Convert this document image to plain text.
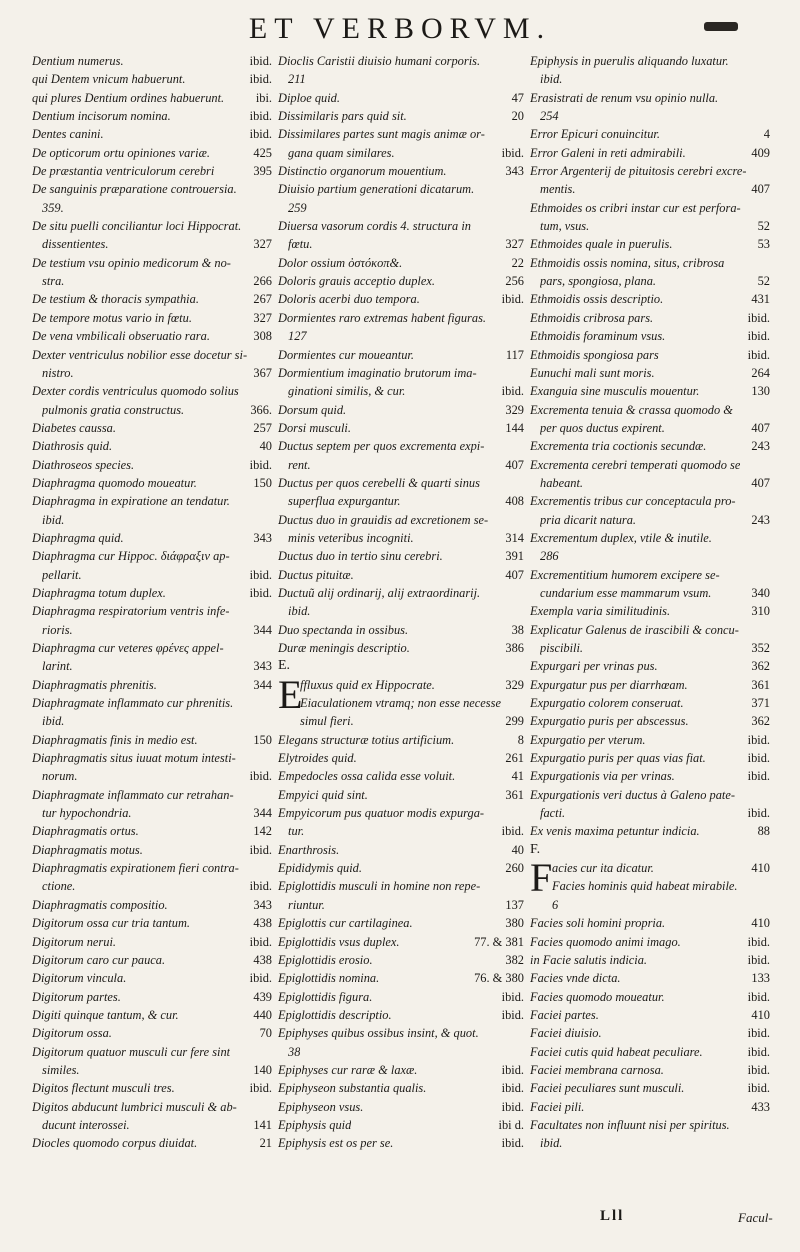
ET VERBORVM.
Dentium numerus.	ibid.
qui Dentem vnicum habuerunt.	ibid.
qui plures Dentium ordines habuerunt.	ibi.
Dentium incisorum nomina.	ibid.
Dentes canini.	ibid.
De opticorum ortu opiniones variæ.	425
De præstantia ventriculorum cerebri	395
De sanguinis præparatione controuersia.
359.
De situ puelli conciliantur loci Hippocrat.
dissentientes.	327
De testium vsu opinio medicorum & no-
stra.	266
De testium & thoracis sympathia.	267
De tempore motus vario in fœtu.	327
De vena vmbilicali obseruatio rara.	308
Dexter ventriculus nobilior esse docetur si-
nistro.	367
Dexter cordis ventriculus quomodo solius
pulmonis gratia constructus.	366.
Diabetes caussa.	257
Diathrosis quid.	40
Diathroseos species.	ibid.
Diaphragma quomodo moueatur.	150
Diaphragma in expiratione an tendatur.
ibid.
Diaphragma quid.	343
Diaphragma cur Hippoc. διάφραξιν ap-
pellarit.	ibid.
Diaphragma totum duplex.	ibid.
Diaphragma respiratorium ventris infe-
rioris.	344
Diaphragma cur veteres φρένες appel-
larint.	343
Diaphragmatis phrenitis.	344
Diaphragmate inflammato cur phrenitis.
ibid.
Diaphragmatis finis in medio est.	150
Diaphragmatis situs iuuat motum intesti-
norum.	ibid.
Diaphragmate inflammato cur retrahan-
tur hypochondria.	344
Diaphragmatis ortus.	142
Diaphragmatis motus.	ibid.
Diaphragmatis expirationem fieri contra-
ctione.	ibid.
Diaphragmatis compositio.	343
Digitorum ossa cur tria tantum.	438
Digitorum nerui.	ibid.
Digitorum caro cur pauca.	438
Digitorum vincula.	ibid.
Digitorum partes.	439
Digiti quinque tantum, & cur.	440
Digitorum ossa.	70
Digitorum quatuor musculi cur fere sint
similes.	140
Digitos flectunt musculi tres.	ibid.
Digitos abducunt lumbrici musculi & ab-
ducunt interossei.	141
Diocles quomodo corpus diuidat.	21
Dioclis Caristii diuisio humani corporis.
211
Diploe quid.	47
Dissimilaris pars quid sit.	20
Dissimilares partes sunt magis animæ or-
gana quam similares.	ibid.
Distinctio organorum mouentium.	343
Diuisio partium generationi dicatarum.
259
Diuersa vasorum cordis 4. structura in
fœtu.	327
Dolor ossium ὀστόκοπ&.	22
Doloris grauis acceptio duplex.	256
Doloris acerbi duo tempora.	ibid.
Dormientes raro extremas habent figuras.
127
Dormientes cur moueantur.	117
Dormientium imaginatio brutorum ima-
ginationi similis, & cur.	ibid.
Dorsum quid.	329
Dorsi musculi.	144
Ductus septem per quos excrementa expi-
rent.	407
Ductus per quos cerebelli & quarti sinus
superflua expurgantur.	408
Ductus duo in grauidis ad excretionem se-
minis veteribus incogniti.	314
Ductus duo in tertio sinu cerebri.	391
Ductus pituitæ.	407
Ductuũ alij ordinarij, alij extraordinarij.
ibid.
Duo spectanda in ossibus.	38
Duræ meningis descriptio.	386
E.
E
ffluxus quid ex Hippocrate.	329
Eiaculationem vtramq; non esse necesse
simul fieri.	299
Elegans structuræ totius artificium.	8
Elytroides quid.	261
Empedocles ossa calida esse voluit.	41
Empyici quid sint.	361
Empyicorum pus quatuor modis expurga-
tur.	ibid.
Enarthrosis.	40
Epididymis quid.	260
Epiglottidis musculi in homine non repe-
riuntur.	137
Epiglottis cur cartilaginea.	380
Epiglottidis vsus duplex.	77. & 381
Epiglottidis erosio.	382
Epiglottidis nomina.	76. & 380
Epiglottidis figura.	ibid.
Epiglottidis descriptio.	ibid.
Epiphyses quibus ossibus insint, & quot.
38
Epiphyses cur raræ & laxæ.	ibid.
Epiphyseon substantia qualis.	ibid.
Epiphyseon vsus.	ibid.
Epiphysis quid	ibi d.
Epiphysis est os per se.	ibid.
Epiphysis in puerulis aliquando luxatur.
ibid.
Erasistrati de renum vsu opinio nulla.
254
Error Epicuri conuincitur.	4
Error Galeni in reti admirabili.	409
Error Argenterij de pituitosis cerebri excre-
mentis.	407
Ethmoides os cribri instar cur est perfora-
tum, vsus.	52
Ethmoides quale in puerulis.	53
Ethmoidis ossis nomina, situs, cribrosa
pars, spongiosa, plana.	52
Ethmoidis ossis descriptio.	431
Ethmoidis cribrosa pars.	ibid.
Ethmoidis foraminum vsus.	ibid.
Ethmoidis spongiosa pars	ibid.
Eunuchi mali sunt moris.	264
Exanguia sine musculis mouentur.	130
Excrementa tenuia & crassa quomodo &
per quos ductus expirent.	407
Excrementa tria coctionis secundæ.	243
Excrementa cerebri temperati quomodo se
habeant.	407
Excrementis tribus cur conceptacula pro-
pria dicarit natura.	243
Excrementum duplex, vtile & inutile.
286
Excrementitium humorem excipere se-
cundarium esse mammarum vsum.	340
Exempla varia similitudinis.	310
Explicatur Galenus de irascibili & concu-
piscibili.	352
Expurgari per vrinas pus.	362
Expurgatur pus per diarrhœam.	361
Expurgatio colorem conseruat.	371
Expurgatio puris per abscessus.	362
Expurgatio per vterum.	ibid.
Expurgatio puris per quas vias fiat.	ibid.
Expurgationis via per vrinas.	ibid.
Expurgationis veri ductus à Galeno pate-
facti.	ibid.
Ex venis maxima petuntur indicia.	88
F.
F acies cur ita dicatur.	410
Facies hominis quid habeat mirabile.
6
Facies soli homini propria.	410
Facies quomodo animi imago.	ibid.
in Facie salutis indicia.	ibid.
Facies vnde dicta.	133
Facies quomodo moueatur.	ibid.
Faciei partes.	410
Faciei diuisio.	ibid.
Faciei cutis quid habeat peculiare.	ibid.
Faciei membrana carnosa.	ibid.
Faciei peculiares sunt musculi.	ibid.
Faciei pili.	433
Facultates non influunt nisi per spiritus.
ibid.
Lll	Facul-
